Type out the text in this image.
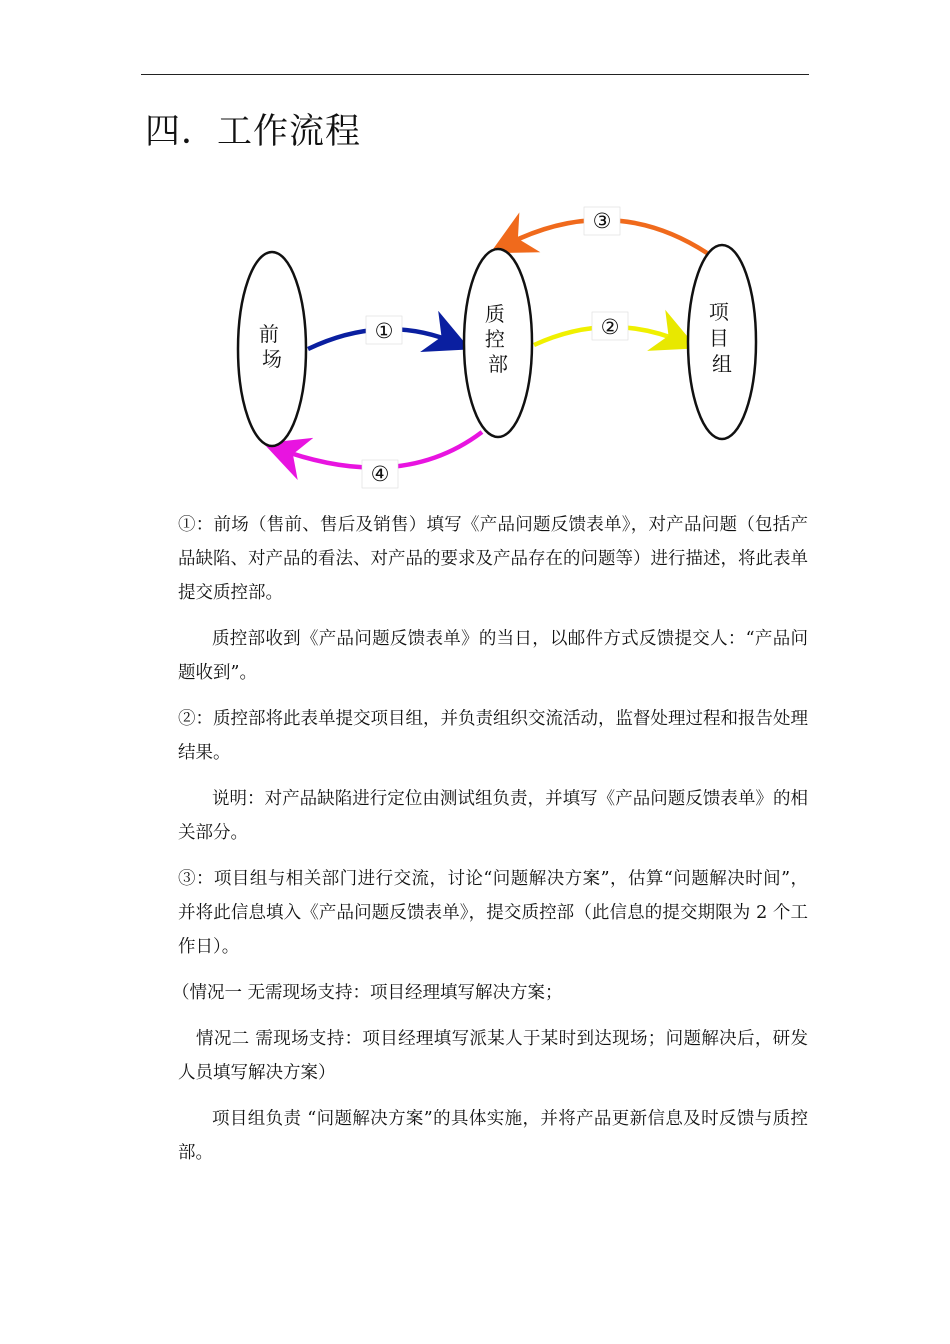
四．工作流程
①	②
③
④
前 场
质 控 部
项 目 组

①：前场（售前、售后及销售）填写《产品问题反馈表单》，对产品问题（包括产品缺陷、对产品的看法、对产品的要求及产品存在的问题等）进行描述，将此表单提交质控部。

质控部收到《产品问题反馈表单》的当日，以邮件方式反馈提交人：“产品问题收到”。

②：质控部将此表单提交项目组，并负责组织交流活动，监督处理过程和报告处理结果。

说明：对产品缺陷进行定位由测试组负责，并填写《产品问题反馈表单》的相关部分。

③：项目组与相关部门进行交流，讨论“问题解决方案”，估算“问题解决时间”，并将此信息填入《产品问题反馈表单》，提交质控部（此信息的提交期限为 2 个工作日）。

（情况一 无需现场支持：项目经理填写解决方案；

情况二 需现场支持：项目经理填写派某人于某时到达现场；问题解决后，研发人员填写解决方案）

项目组负责 “问题解决方案”的具体实施，并将产品更新信息及时反馈与质控部。
